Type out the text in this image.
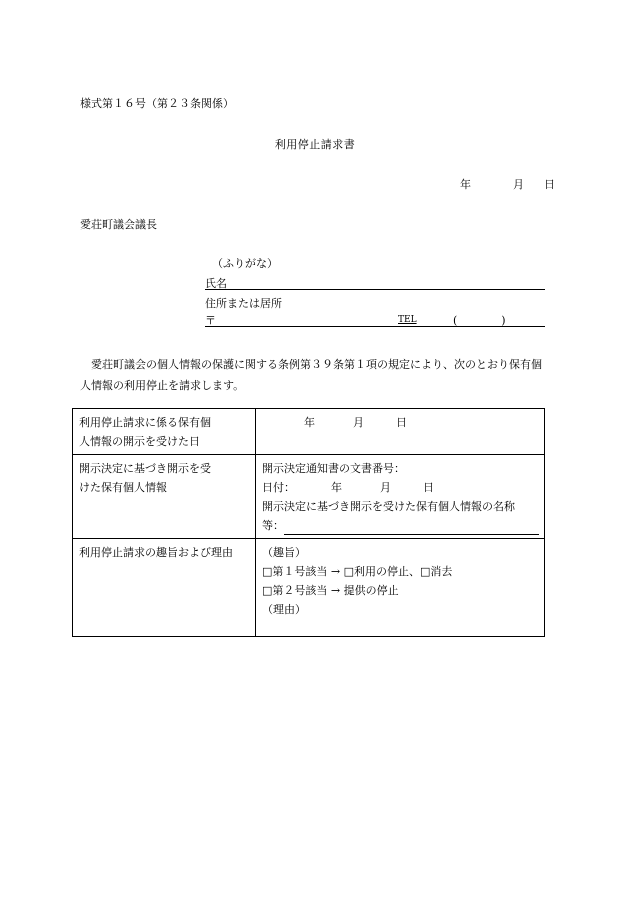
様式第１６号（第２３条関係）
利用停止請求書
年	月 日
愛荘町議会議長
（ふりがな）
氏名
住所または居所
〒	TEL	(　　　　)
愛荘町議会の個人情報の保護に関する条例第３９条第１項の規定により、次のとおり保有個人情報の利用停止を請求します。
利用停止請求に係る保有個
人情報の開示を受けた日	年 月 日

開示決定に基づき開示を受
けた保有個人情報	開示決定通知書の文書番号：
日付： 年 月 日
開示決定に基づき開示を受けた保有個人情報の名称
等：

利用停止請求の趣旨および理由	（趣旨）
□第１号該当 → □利用の停止、□消去
□第２号該当 → 提供の停止
（理由）
